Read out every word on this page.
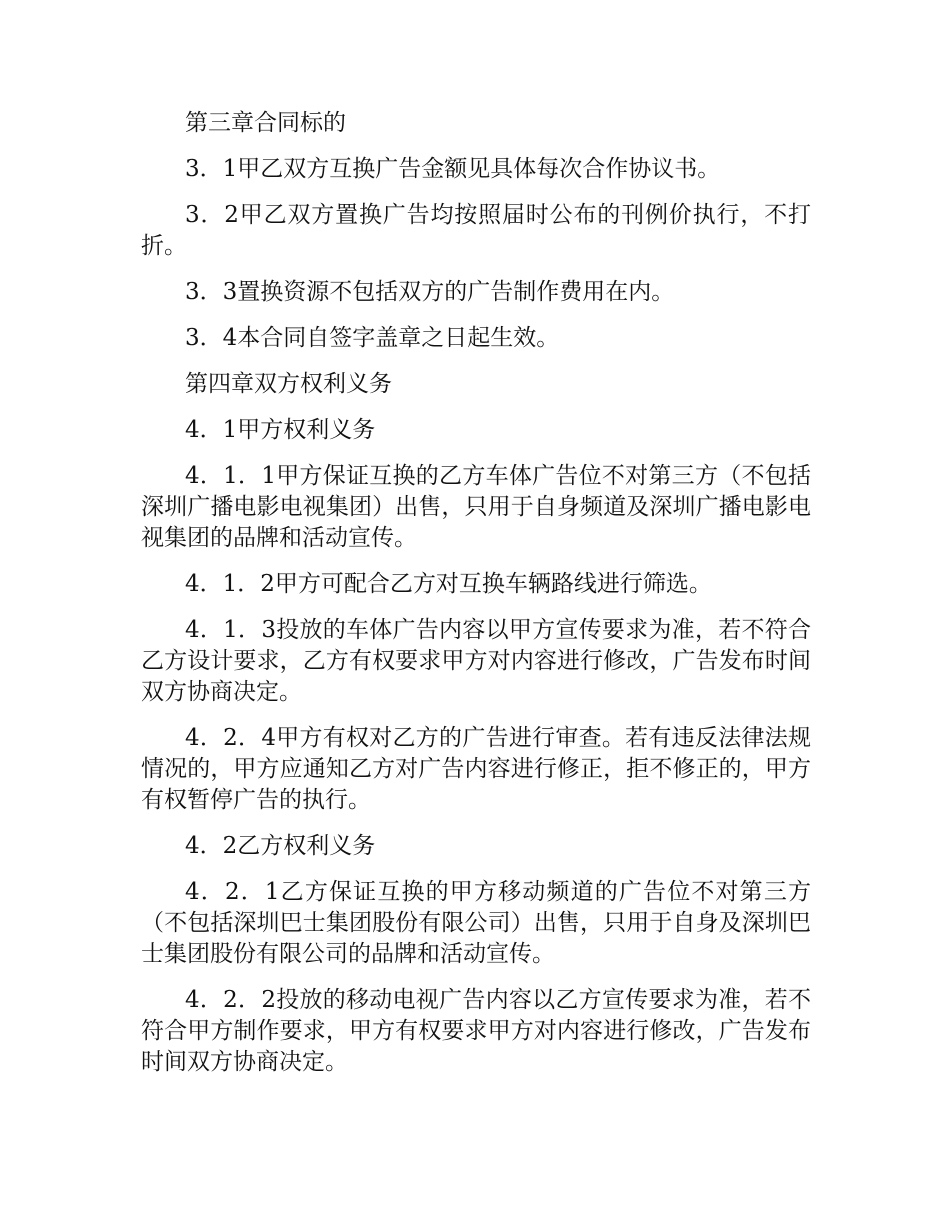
第三章合同标的

3．1甲乙双方互换广告金额见具体每次合作协议书。

3．2甲乙双方置换广告均按照届时公布的刊例价执行，不打折。

3．3置换资源不包括双方的广告制作费用在内。

3．4本合同自签字盖章之日起生效。

第四章双方权利义务

4．1甲方权利义务

4．1．1甲方保证互换的乙方车体广告位不对第三方（不包括深圳广播电影电视集团）出售，只用于自身频道及深圳广播电影电视集团的品牌和活动宣传。

4．1．2甲方可配合乙方对互换车辆路线进行筛选。

4．1．3投放的车体广告内容以甲方宣传要求为准，若不符合乙方设计要求，乙方有权要求甲方对内容进行修改，广告发布时间双方协商决定。

4．2．4甲方有权对乙方的广告进行审查。若有违反法律法规情况的，甲方应通知乙方对广告内容进行修正，拒不修正的，甲方有权暂停广告的执行。

4．2乙方权利义务

4．2．1乙方保证互换的甲方移动频道的广告位不对第三方（不包括深圳巴士集团股份有限公司）出售，只用于自身及深圳巴士集团股份有限公司的品牌和活动宣传。

4．2．2投放的移动电视广告内容以乙方宣传要求为准，若不符合甲方制作要求，甲方有权要求甲方对内容进行修改，广告发布时间双方协商决定。
